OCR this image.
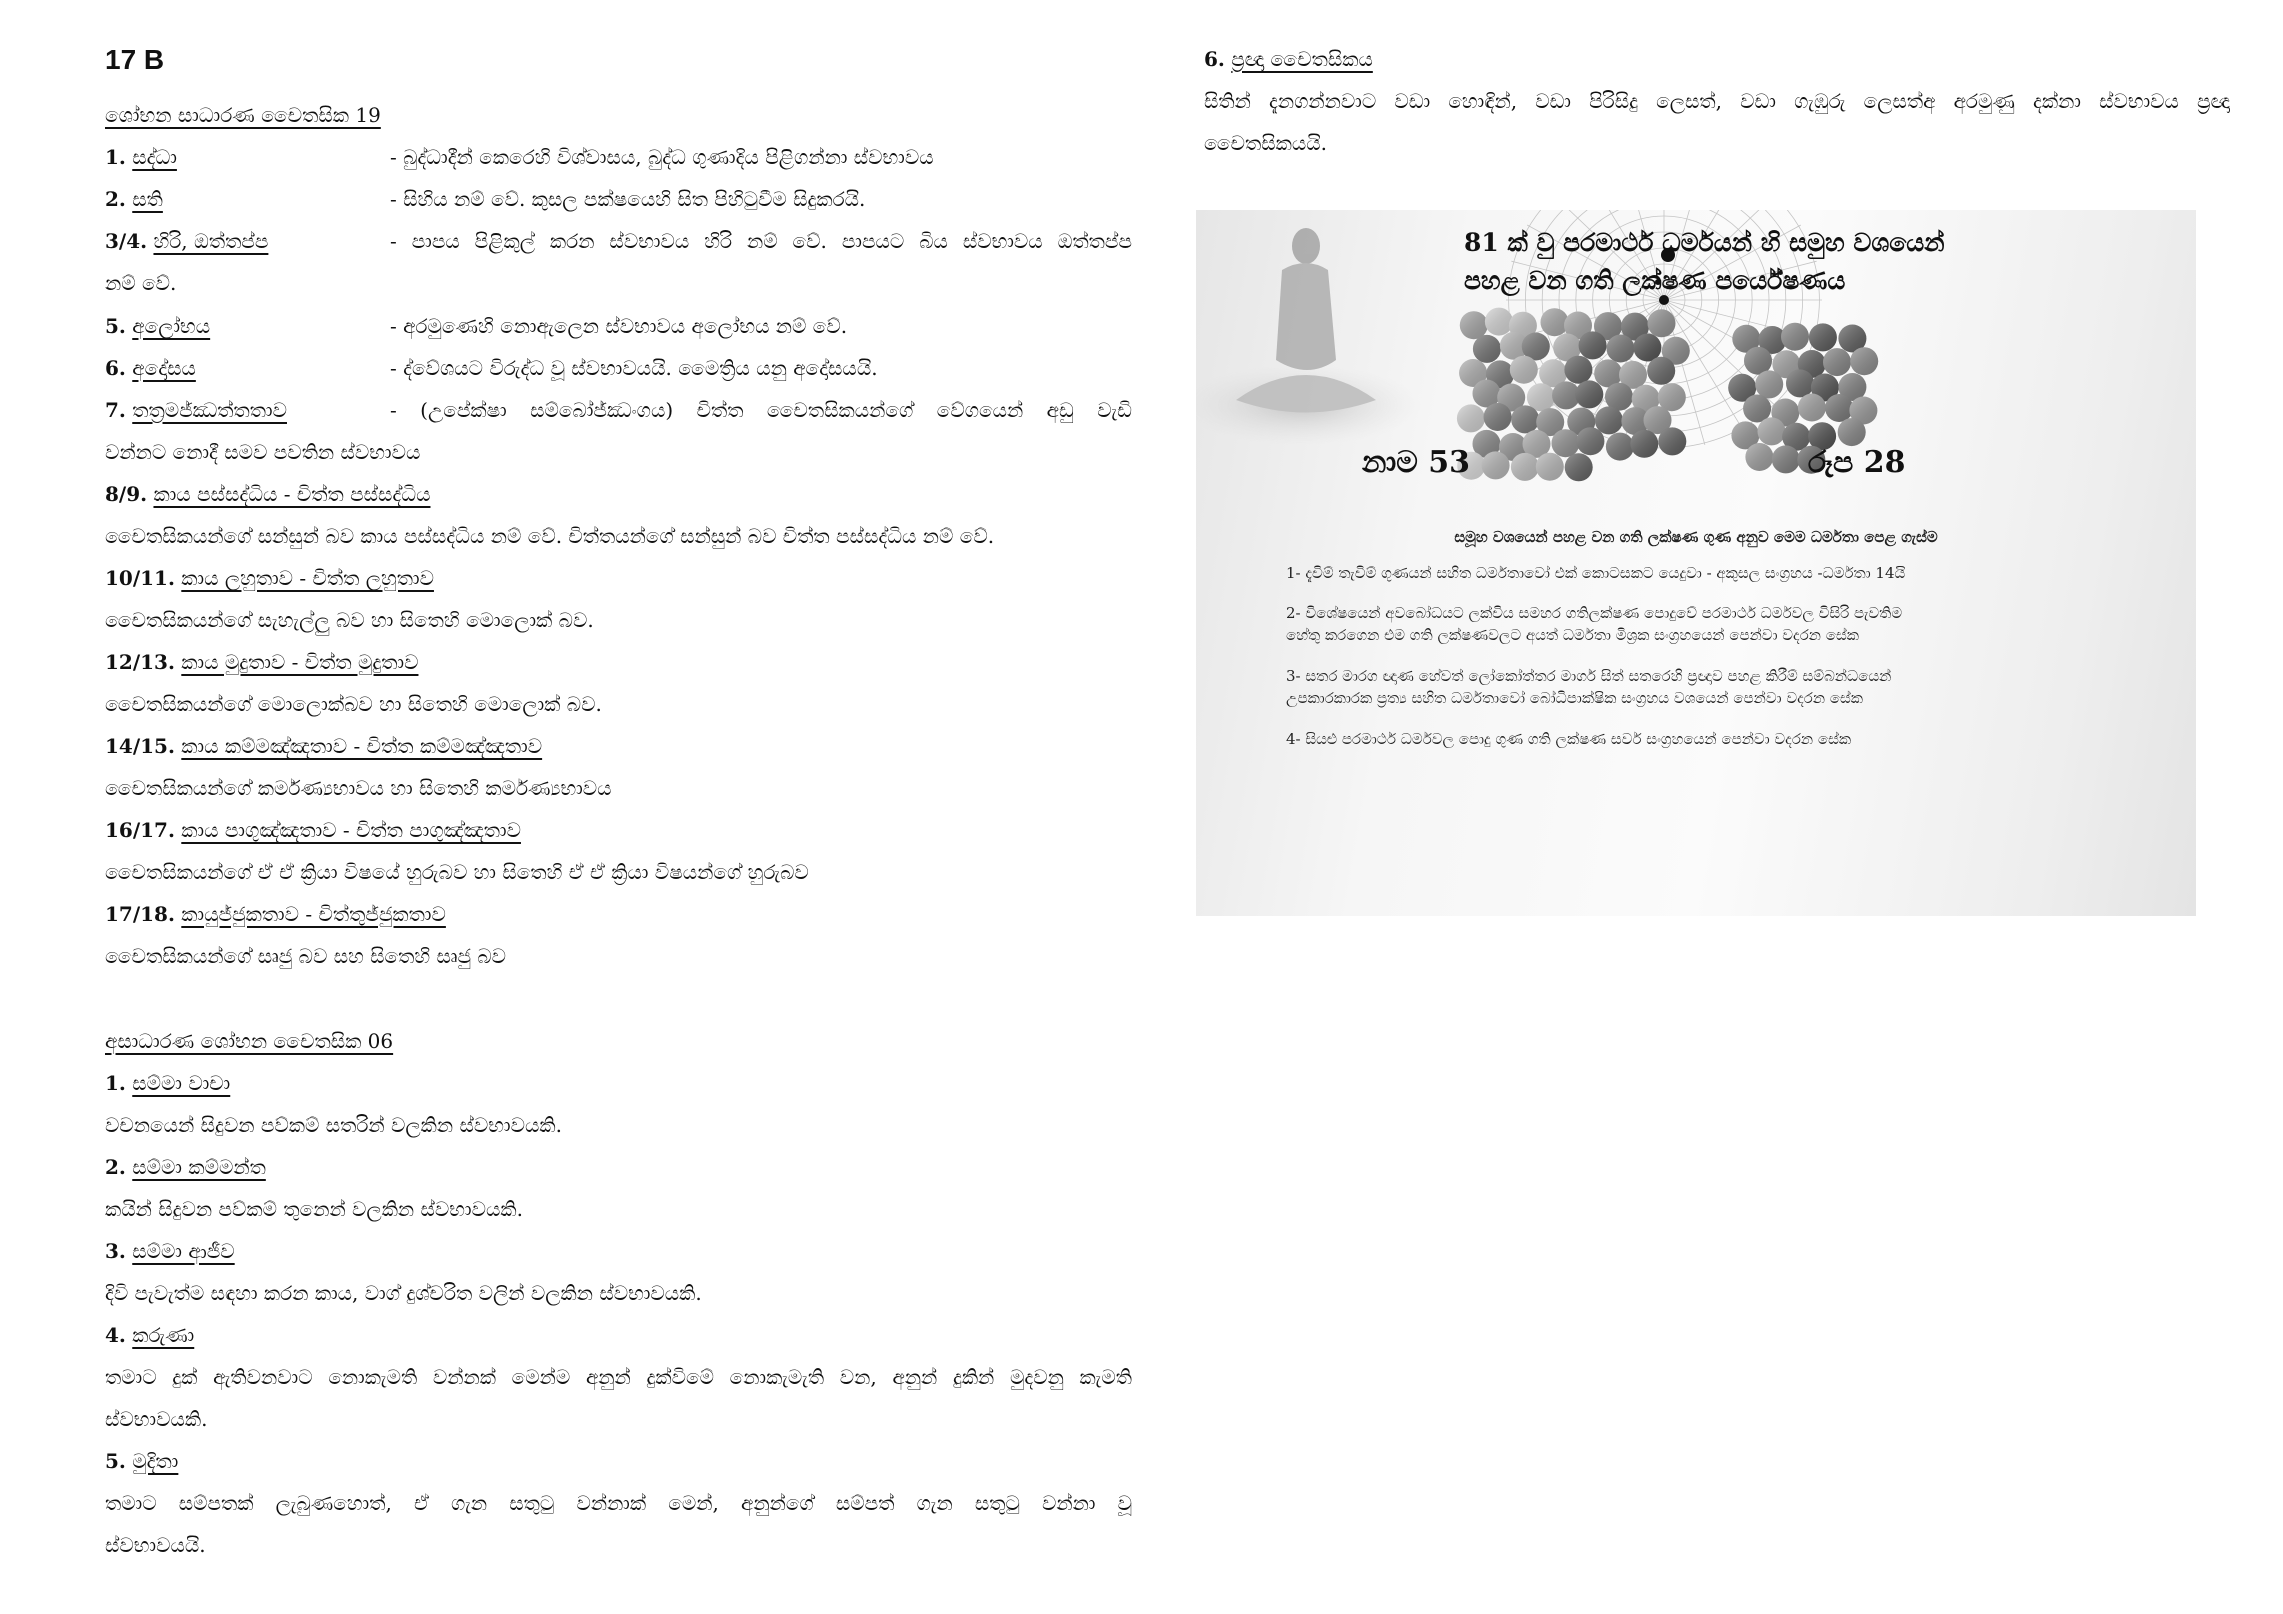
17 B
ශෝභන සාධාරණ චෛතසික 19
1. සද්ධා	- බුද්ධාදීන් කෙරෙහි විශ්වාසය, බුද්ධ ගුණාදිය පිළිගන්නා ස්වභාවය
2. සති	- සිහිය නම් වේ. කුසල පක්ෂයෙහි සිත පිහිටුවීම සිදුකරයි.
3/4. හිරි, ඔත්තප්ප	- පාපය පිළිකුල් කරන ස්වභාවය හිරි නම් වේ. පාපයට බිය ස්වභාවය ඔත්තප්ප
නම් වේ.
5. අලෝභය	- අරමුණෙහි නොඇලෙන ස්වභාවය අලෝභය නම් වේ.
6. අදෝසය	- ද්වේශයට විරුද්ධ වූ ස්වභාවයයි. මෛත්‍රිය යනු අදෝසයයි.
7. තත්‍රමජ්ඣත්තතාව	- (උපේක්ෂා සම්බෝජ්ඣංගය) චිත්ත චෛතසිකයන්ගේ වේගයෙන් අඩු වැඩි
වන්නට නොදී සමව පවතින ස්වභාවය
8/9. කාය පස්සද්ධිය - චිත්ත පස්සද්ධිය
චෛතසිකයන්ගේ සන්සුන් බව කාය පස්සද්ධිය නම් වේ. චිත්තයන්ගේ සන්සුන් බව චිත්ත පස්සද්ධිය නම් වේ.
10/11. කාය ලහුතාව - චිත්ත ලහුතාව
චෛතසිකයන්ගේ සැහැල්ලු බව හා සිතෙහි මොලොක් බව.
12/13. කාය මුදුතාව - චිත්ත මුදුතාව
චෛතසිකයන්ගේ මොලොක්බව හා සිතෙහි මොලොක් බව.
14/15. කාය කම්මඤ්ඤතාව - චිත්ත කම්මඤ්ඤතාව
චෛතසිකයන්ගේ කර්මණ්‍යභාවය හා සිතෙහි කර්මණ්‍යභාවය
16/17. කාය පාගුඤ්ඤතාව - චිත්ත පාගුඤ්ඤතාව
චෛතසිකයන්ගේ ඒ ඒ ක්‍රියා විෂයේ හුරුබව හා සිතෙහි ඒ ඒ ක්‍රියා විෂයන්ගේ හුරුබව
17/18. කායුජ්ජුකතාව - චිත්තුජ්ජුකතාව
චෛතසිකයන්ගේ සෘජු බව සහ සිතෙහි සෘජු බව
අසාධාරණ ශෝභන චෛතසික 06
1. සම්මා වාචා
වචනයෙන් සිදුවන පව්කම් සතරින් වලකින ස්වභාවයකි.
2. සම්මා කම්මන්ත
කයින් සිදුවන පව්කම් තුනෙන් වලකින ස්වභාවයකි.
3. සම්මා ආජීව
දිවි පැවැත්ම සඳහා කරන කාය, වාග් දුශ්චරිත වලින් වලකින ස්වභාවයකි.
4. කරුණා
තමාට දුක් ඇතිවනවාට නොකැමති වන්නක් මෙන්ම අනුන් දුක්විමේ නොකැමැති වන, අනුන් දුකින් මුදවනු කැමති
ස්වභාවයකි.
5. මුදිතා
තමාට සම්පතක් ලැබුණහොත්, ඒ ගැන සතුටු වන්නාක් මෙන්, අනුන්ගේ සම්පත් ගැන සතුටු වන්නා වූ
ස්වභාවයයි.
6. ප්‍රඥා චෛතසිකය
සිතින් දැනගන්නවාට වඩා හොඳින්, වඩා පිරිසිදු ලෙසත්, වඩා ගැඹුරු ලෙසත්අ අරමුණු දක්නා ස්වභාවය ප්‍රඥා
චෛතසිකයයි.
81 ක් වු පරමාර්ථ ධර්මයන් හි සමුහ වශයෙන්
පහළ වන ගති ලක්ෂණ පර්යේෂණය
නාම 53	රූප 28
සමූහ වශයෙන් පහළ වන ගති ලක්ෂණ ගුණ අනුව මෙම ධර්මතා පෙළ ගැස්ම
1- දැවිම් තැවිම් ගුණයන් සහිත ධර්මතාවෝ එක් කොටසකට යෙදුවා - අකුසල සංග්‍රහය -ධර්මතා 14යි
2- විශේෂයෙන් අවබෝධයට ලක්විය සමහර ගතිලක්ෂණ පොදුවේ පරමාර්ථ ධර්මවල විසිරි පැවතිම
හේතු කරගෙන එම ගති ලක්ෂණවලට අයත් ධර්මතා මිශ්‍රක සංග්‍රහයෙන් පෙන්වා වදරන සේක
3- සතර මාරග ඥාණ හේවත් ලෝකෝත්තර මාර්ග සිත් සතරෙහි ප්‍රඥාව පහළ කිරීම් සම්බන්ධයෙන්
උපකාරකාරක ප්‍රත්‍ය සහිත ධර්මතාවෝ බෝධිපාක්ෂික සංග්‍රහය වශයෙන් පෙන්වා වදරන සේක
4- සියළු පරමාර්ථ ධර්මවල පොදු ගුණ ගති ලක්ෂණ සර්ව සංග්‍රහයෙන් පෙන්වා වදරන සේක
